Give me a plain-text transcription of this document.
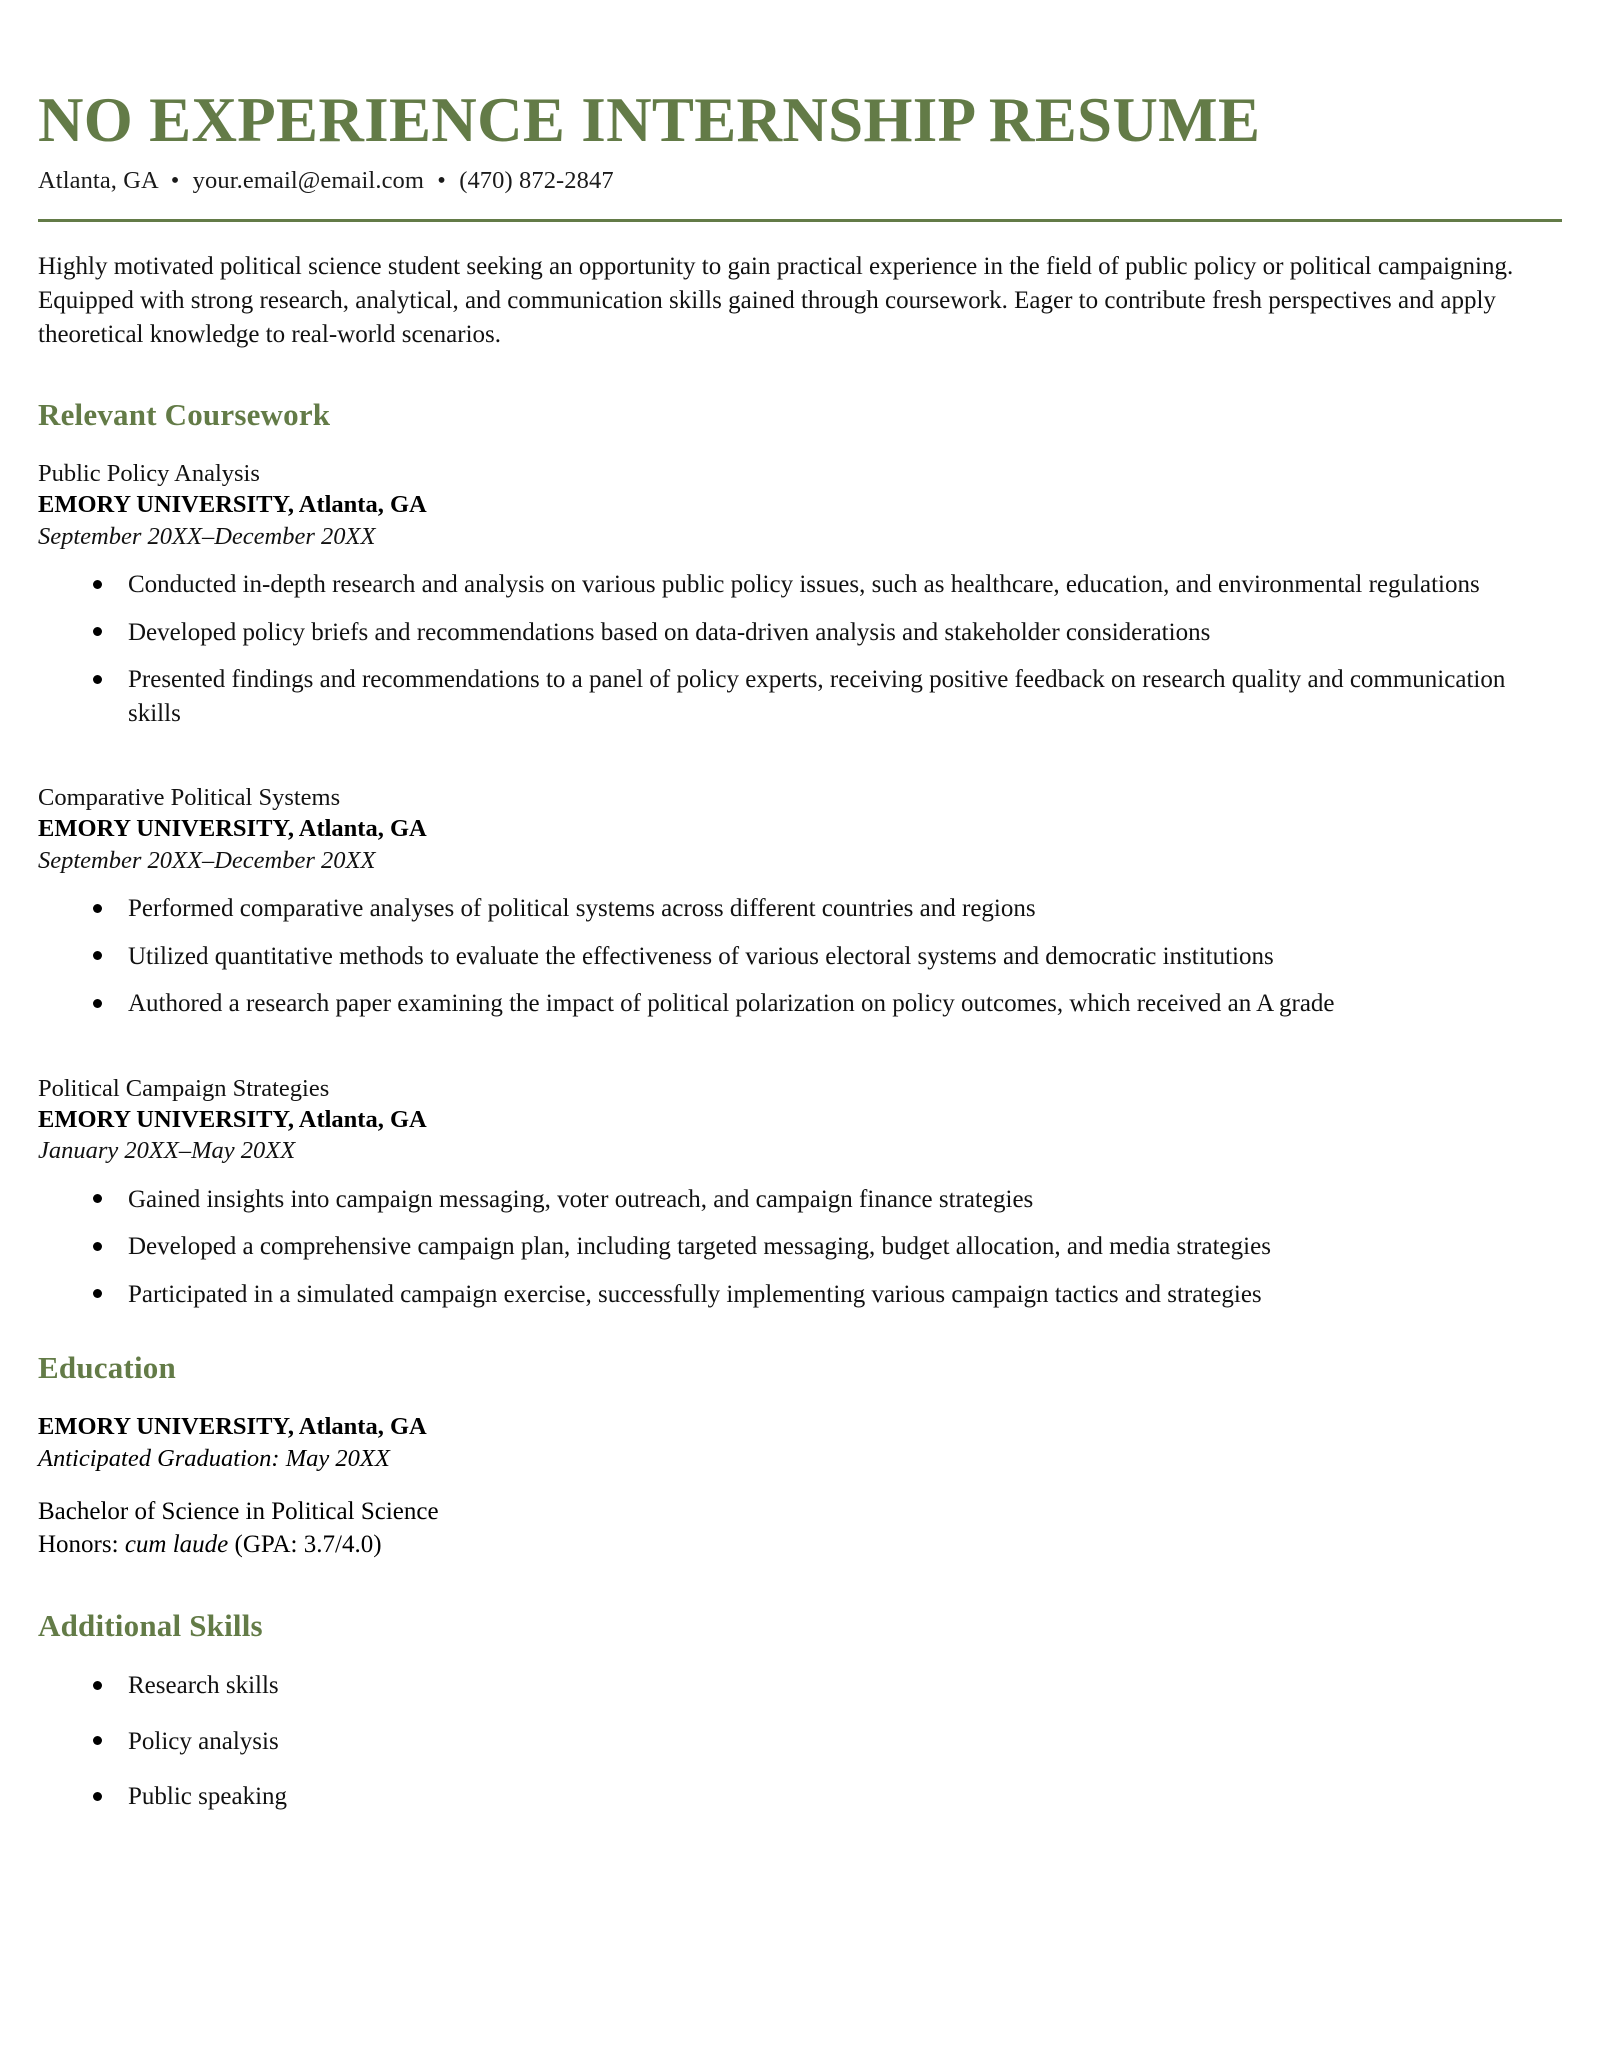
NO EXPERIENCE INTERNSHIP RESUME
Atlanta, GA • your.email@email.com • (470) 872-2847

Highly motivated political science student seeking an opportunity to gain practical experience in the field of public policy or political campaigning. Equipped with strong research, analytical, and communication skills gained through coursework. Eager to contribute fresh perspectives and apply theoretical knowledge to real-world scenarios.

Relevant Coursework
Public Policy Analysis
EMORY UNIVERSITY, Atlanta, GA
September 20XX–December 20XX
Conducted in-depth research and analysis on various public policy issues, such as healthcare, education, and environmental regulations
Developed policy briefs and recommendations based on data-driven analysis and stakeholder considerations
Presented findings and recommendations to a panel of policy experts, receiving positive feedback on research quality and communication skills
Comparative Political Systems
EMORY UNIVERSITY, Atlanta, GA
September 20XX–December 20XX
Performed comparative analyses of political systems across different countries and regions
Utilized quantitative methods to evaluate the effectiveness of various electoral systems and democratic institutions
Authored a research paper examining the impact of political polarization on policy outcomes, which received an A grade
Political Campaign Strategies
EMORY UNIVERSITY, Atlanta, GA
January 20XX–May 20XX
Gained insights into campaign messaging, voter outreach, and campaign finance strategies
Developed a comprehensive campaign plan, including targeted messaging, budget allocation, and media strategies
Participated in a simulated campaign exercise, successfully implementing various campaign tactics and strategies
Education
EMORY UNIVERSITY, Atlanta, GA
Anticipated Graduation: May 20XX
Bachelor of Science in Political Science
Honors: cum laude (GPA: 3.7/4.0)
Additional Skills
Research skills
Policy analysis
Public speaking
